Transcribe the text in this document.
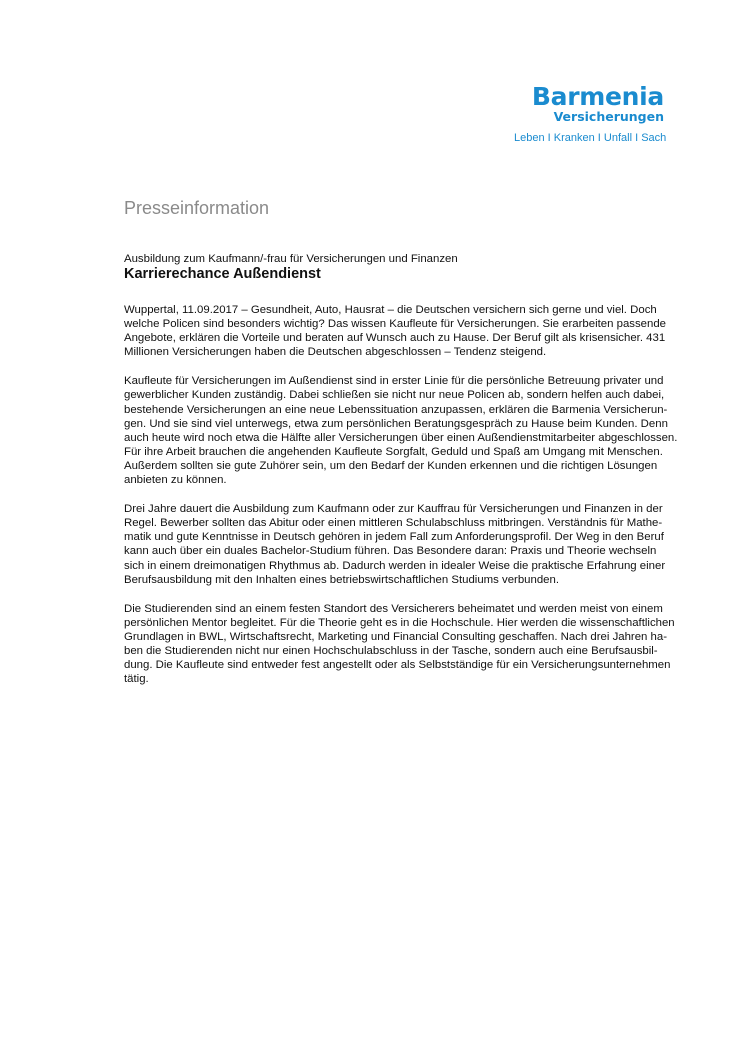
Barmenia
Versicherungen
Leben I Kranken I Unfall I Sach
Presseinformation

Ausbildung zum Kaufmann/-frau für Versicherungen und Finanzen

Karrierechance Außendienst

Wuppertal, 11.09.2017 – Gesundheit, Auto, Hausrat – die Deutschen versichern sich gerne und viel. Doch
welche Policen sind besonders wichtig? Das wissen Kaufleute für Versicherungen. Sie erarbeiten passende
Angebote, erklären die Vorteile und beraten auf Wunsch auch zu Hause. Der Beruf gilt als krisensicher. 431
Millionen Versicherungen haben die Deutschen abgeschlossen – Tendenz steigend.

Kaufleute für Versicherungen im Außendienst sind in erster Linie für die persönliche Betreuung privater und
gewerblicher Kunden zuständig. Dabei schließen sie nicht nur neue Policen ab, sondern helfen auch dabei,
bestehende Versicherungen an eine neue Lebenssituation anzupassen, erklären die Barmenia Versicherun-
gen. Und sie sind viel unterwegs, etwa zum persönlichen Beratungsgespräch zu Hause beim Kunden. Denn
auch heute wird noch etwa die Hälfte aller Versicherungen über einen Außendienstmitarbeiter abgeschlossen.
Für ihre Arbeit brauchen die angehenden Kaufleute Sorgfalt, Geduld und Spaß am Umgang mit Menschen.
Außerdem sollten sie gute Zuhörer sein, um den Bedarf der Kunden erkennen und die richtigen Lösungen
anbieten zu können.

Drei Jahre dauert die Ausbildung zum Kaufmann oder zur Kauffrau für Versicherungen und Finanzen in der
Regel. Bewerber sollten das Abitur oder einen mittleren Schulabschluss mitbringen. Verständnis für Mathe-
matik und gute Kenntnisse in Deutsch gehören in jedem Fall zum Anforderungsprofil. Der Weg in den Beruf
kann auch über ein duales Bachelor-Studium führen. Das Besondere daran: Praxis und Theorie wechseln
sich in einem dreimonatigen Rhythmus ab. Dadurch werden in idealer Weise die praktische Erfahrung einer
Berufsausbildung mit den Inhalten eines betriebswirtschaftlichen Studiums verbunden.

Die Studierenden sind an einem festen Standort des Versicherers beheimatet und werden meist von einem
persönlichen Mentor begleitet. Für die Theorie geht es in die Hochschule. Hier werden die wissenschaftlichen
Grundlagen in BWL, Wirtschaftsrecht, Marketing und Financial Consulting geschaffen. Nach drei Jahren ha-
ben die Studierenden nicht nur einen Hochschulabschluss in der Tasche, sondern auch eine Berufsausbil-
dung. Die Kaufleute sind entweder fest angestellt oder als Selbstständige für ein Versicherungsunternehmen
tätig.
